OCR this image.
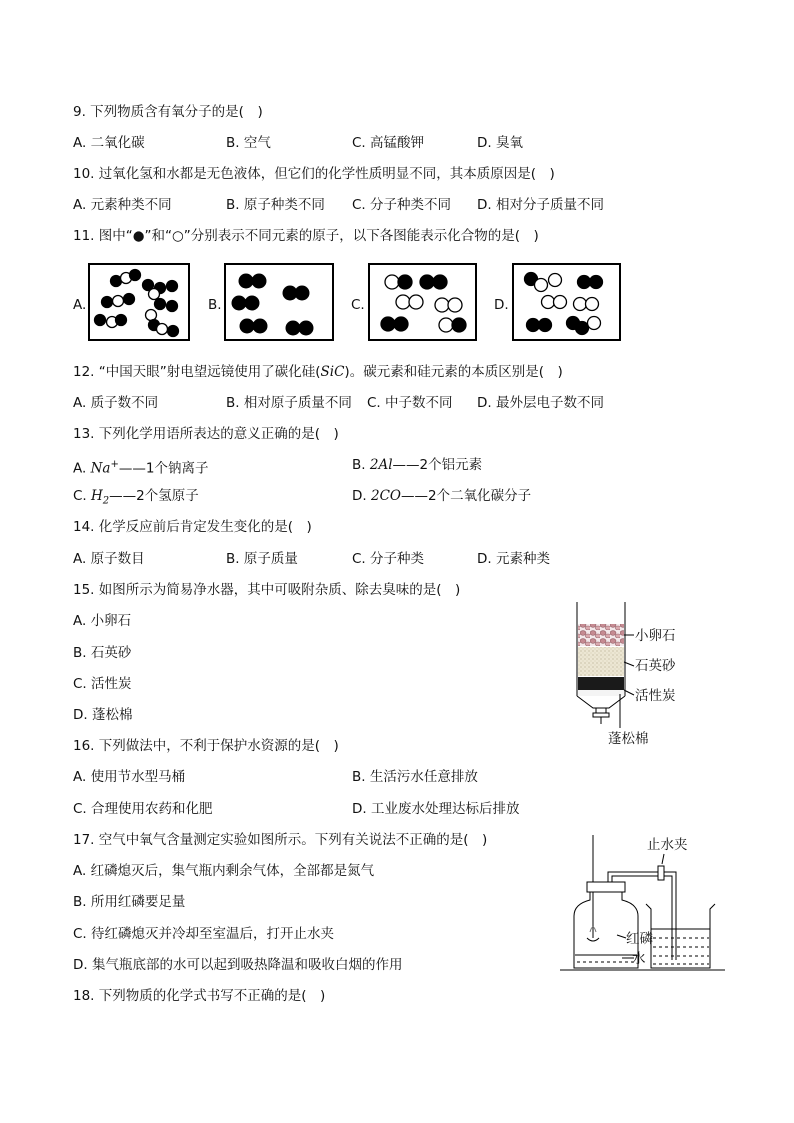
9. 下列物质含有氧分子的是(　)
A. 二氧化碳	B. 空气	C. 高锰酸钾	D. 臭氧
10. 过氧化氢和水都是无色液体，但它们的化学性质明显不同，其本质原因是(　)
A. 元素种类不同	B. 原子种类不同 C. 分子种类不同 D. 相对分子质量不同
11. 图中“●”和“○”分别表示不同元素的原子，以下各图能表示化合物的是(　)
A.	B.	C.	D.
12. “中国天眼”射电望远镜使用了碳化硅(SiC)。碳元素和硅元素的本质区别是(　)
A. 质子数不同	B. 相对原子质量不同 C. 中子数不同 D. 最外层电子数不同
13. 下列化学用语所表达的意义正确的是(　)
A. Na+——1个钠离子	B. 2Al——2个铝元素
C. $H_2——2$个氢原子	D. 2CO——2个二氧化碳分子
14. 化学反应前后肯定发生变化的是(　)
A. 原子数目	B. 原子质量	C. 分子种类	D. 元素种类
15. 如图所示为简易净水器，其中可吸附杂质、除去臭味的是(　)
A. 小卵石
B. 石英砂
C. 活性炭
D. 蓬松棉
小卵石
石英砂
活性炭
蓬松棉
16. 下列做法中，不利于保护水资源的是(　)
A. 使用节水型马桶	B. 生活污水任意排放
C. 合理使用农药和化肥	D. 工业废水处理达标后排放
17. 空气中氧气含量测定实验如图所示。下列有关说法不正确的是(　)
A. 红磷熄灭后，集气瓶内剩余气体，全部都是氮气
B. 所用红磷要足量
C. 待红磷熄灭并冷却至室温后，打开止水夹
D. 集气瓶底部的水可以起到吸热降温和吸收白烟的作用
止水夹
红磷
水
18. 下列物质的化学式书写不正确的是(　)
